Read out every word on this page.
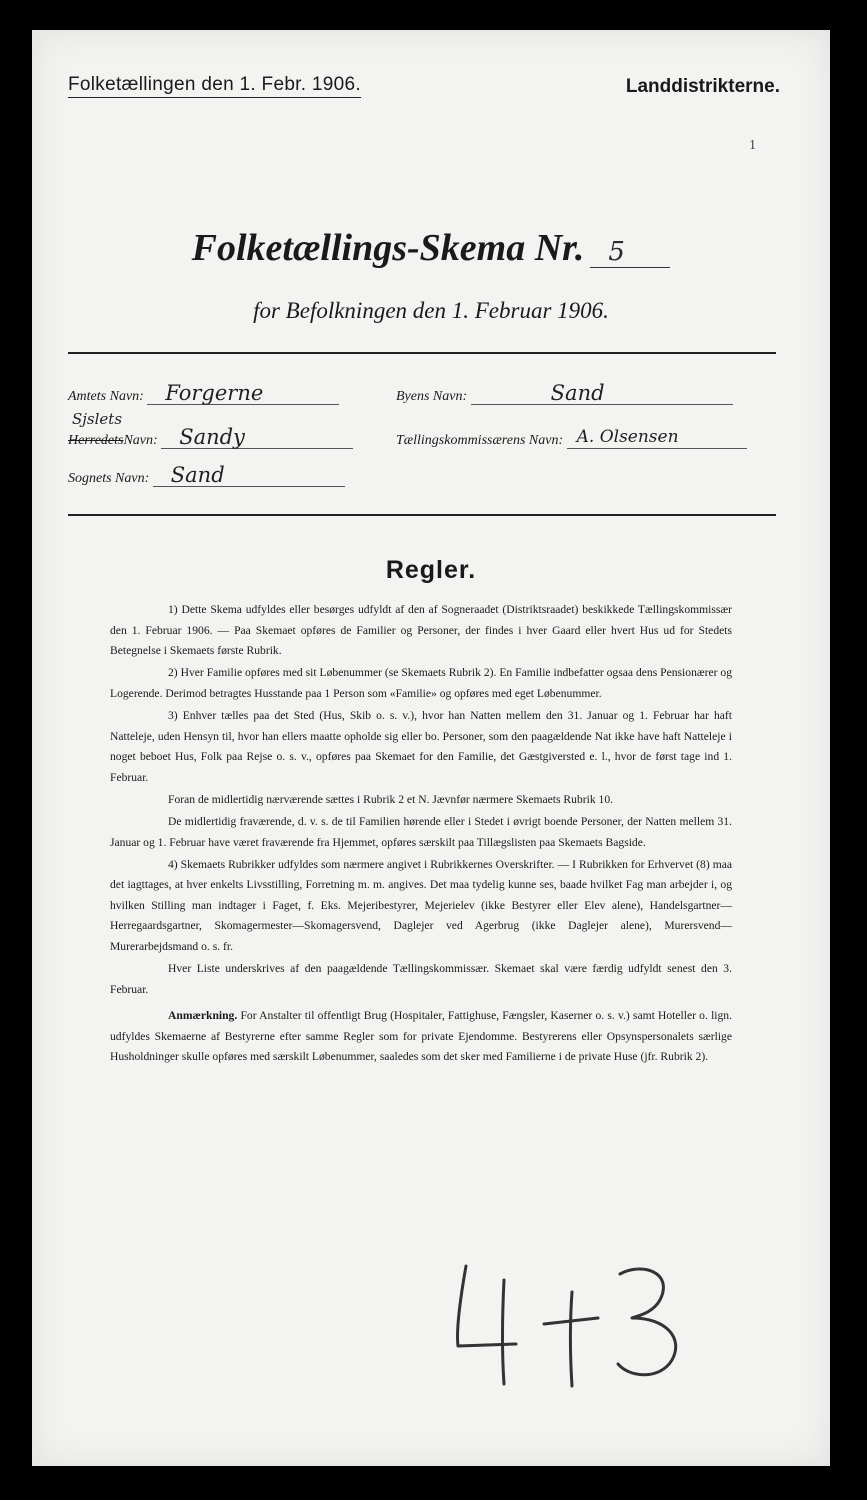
Folketællingen den 1. Febr. 1906.	Landdistrikterne.
1
Folketællings-Skema Nr. 5
for Befolkningen den 1. Februar 1906.
Amtets Navn: Forgerne	Byens Navn:	Sand
Sjslets
HerredetsNavn: Sandy	Tællingskommissærens Navn: A. Olsensen
Sognets Navn: Sand
Regler.

1) Dette Skema udfyldes eller besørges udfyldt af den af Sogneraadet (Distriktsraadet) beskikkede Tællingskommissær den 1. Februar 1906. — Paa Skemaet opføres de Familier og Personer, der findes i hver Gaard eller hvert Hus ud for Stedets Betegnelse i Skemaets første Rubrik.

2) Hver Familie opføres med sit Løbenummer (se Skemaets Rubrik 2). En Familie indbefatter ogsaa dens Pensionærer og Logerende. Derimod betragtes Husstande paa 1 Person som «Familie» og opføres med eget Løbenummer.

3) Enhver tælles paa det Sted (Hus, Skib o. s. v.), hvor han Natten mellem den 31. Januar og 1. Februar har haft Natteleje, uden Hensyn til, hvor han ellers maatte opholde sig eller bo. Personer, som den paagældende Nat ikke have haft Natteleje i noget beboet Hus, Folk paa Rejse o. s. v., opføres paa Skemaet for den Familie, det Gæstgiversted e. l., hvor de først tage ind 1. Februar.

Foran de midlertidig nærværende sættes i Rubrik 2 et N. Jævnfør nærmere Skemaets Rubrik 10.

De midlertidig fraværende, d. v. s. de til Familien hørende eller i Stedet i øvrigt boende Personer, der Natten mellem 31. Januar og 1. Februar have været fraværende fra Hjemmet, opføres særskilt paa Tillægslisten paa Skemaets Bagside.

4) Skemaets Rubrikker udfyldes som nærmere angivet i Rubrikkernes Overskrifter. — I Rubrikken for Erhvervet (8) maa det iagttages, at hver enkelts Livsstilling, Forretning m. m. angives. Det maa tydelig kunne ses, baade hvilket Fag man arbejder i, og hvilken Stilling man indtager i Faget, f. Eks. Mejeribestyrer, Mejerielev (ikke Bestyrer eller Elev alene), Handelsgartner—Herregaardsgartner, Skomagermester—Skomagersvend, Daglejer ved Agerbrug (ikke Daglejer alene), Murersvend—Murerarbejdsmand o. s. fr.

Hver Liste underskrives af den paagældende Tællingskommissær. Skemaet skal være færdig udfyldt senest den 3. Februar.

Anmærkning. For Anstalter til offentligt Brug (Hospitaler, Fattighuse, Fængsler, Kaserner o. s. v.) samt Hoteller o. lign. udfyldes Skemaerne af Bestyrerne efter samme Regler som for private Ejendomme. Bestyrerens eller Opsynspersonalets særlige Husholdninger skulle opføres med særskilt Løbenummer, saaledes som det sker med Familierne i de private Huse (jfr. Rubrik 2).
